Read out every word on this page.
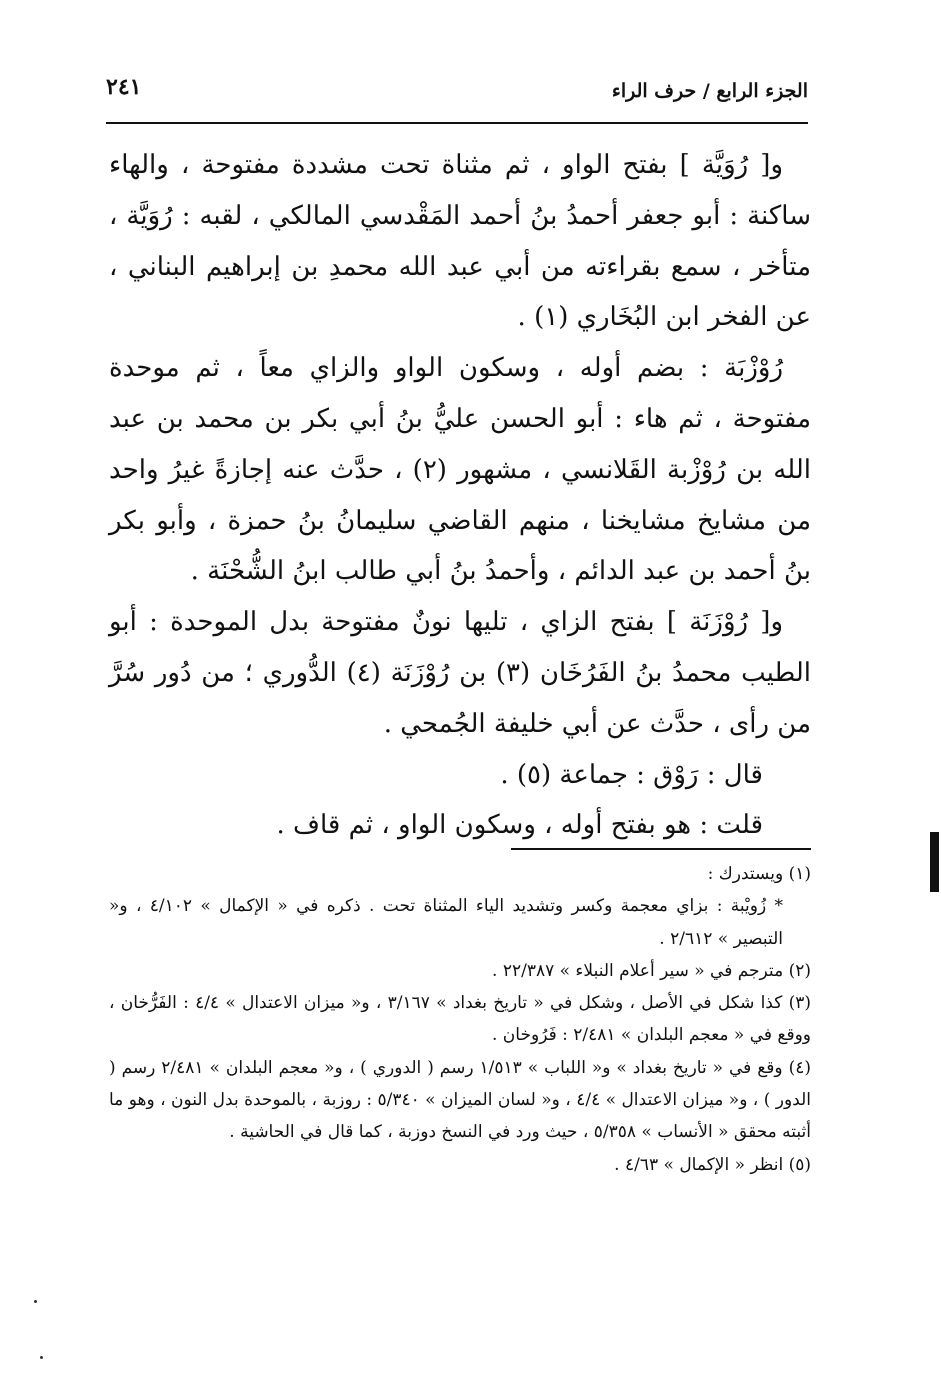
الجزء الرابع / حرف الراء
٢٤١

و[ رُوَيَّة ] بفتح الواو ، ثم مثناة تحت مشددة مفتوحة ، والهاء ساكنة : أبو جعفر أحمدُ بنُ أحمد المَقْدسي المالكي ، لقبه : رُوَيَّة ، متأخر ، سمع بقراءته من أبي عبد الله محمدِ بن إبراهيم البناني ، عن الفخر ابن البُخَاري (١) .

رُوْزْبَة : بضم أوله ، وسكون الواو والزاي معاً ، ثم موحدة مفتوحة ، ثم هاء : أبو الحسن عليُّ بنُ أبي بكر بن محمد بن عبد الله بن رُوْزْبة القَلانسي ، مشهور (٢) ، حدَّث عنه إجازةً غيرُ واحد من مشايخ مشايخنا ، منهم القاضي سليمانُ بنُ حمزة ، وأبو بكر بنُ أحمد بن عبد الدائم ، وأحمدُ بنُ أبي طالب ابنُ الشُّحْنَة .

و[ رُوْزَنَة ] بفتح الزاي ، تليها نونٌ مفتوحة بدل الموحدة : أبو الطيب محمدُ بنُ الفَرُخَان (٣) بن رُوْزَنَة (٤) الدُّوري ؛ من دُور سُرَّ من رأى ، حدَّث عن أبي خليفة الجُمحي .

قال : رَوْق : جماعة (٥) .

قلت : هو بفتح أوله ، وسكون الواو ، ثم قاف .

(١) ويستدرك :

* زُويْبة : بزاي معجمة وكسر وتشديد الياء المثناة تحت . ذكره في « الإكمال » ٤/١٠٢ ، و« التبصير » ٢/٦١٢ .

(٢) مترجم في « سير أعلام النبلاء » ٢٢/٣٨٧ .

(٣) كذا شكل في الأصل ، وشكل في « تاريخ بغداد » ٣/١٦٧ ، و« ميزان الاعتدال » ٤/٤ : الفَرُّخان ، ووقع في « معجم البلدان » ٢/٤٨١ : فَرُوخان .

(٤) وقع في « تاريخ بغداد » و« اللباب » ١/٥١٣ رسم ( الدوري ) ، و« معجم البلدان » ٢/٤٨١ رسم ( الدور ) ، و« ميزان الاعتدال » ٤/٤ ، و« لسان الميزان » ٥/٣٤٠ : روزبة ، بالموحدة بدل النون ، وهو ما أثبته محقق « الأنساب » ٥/٣٥٨ ، حيث ورد في النسخ دوزبة ، كما قال في الحاشية .

(٥) انظر « الإكمال » ٤/٦٣ .
